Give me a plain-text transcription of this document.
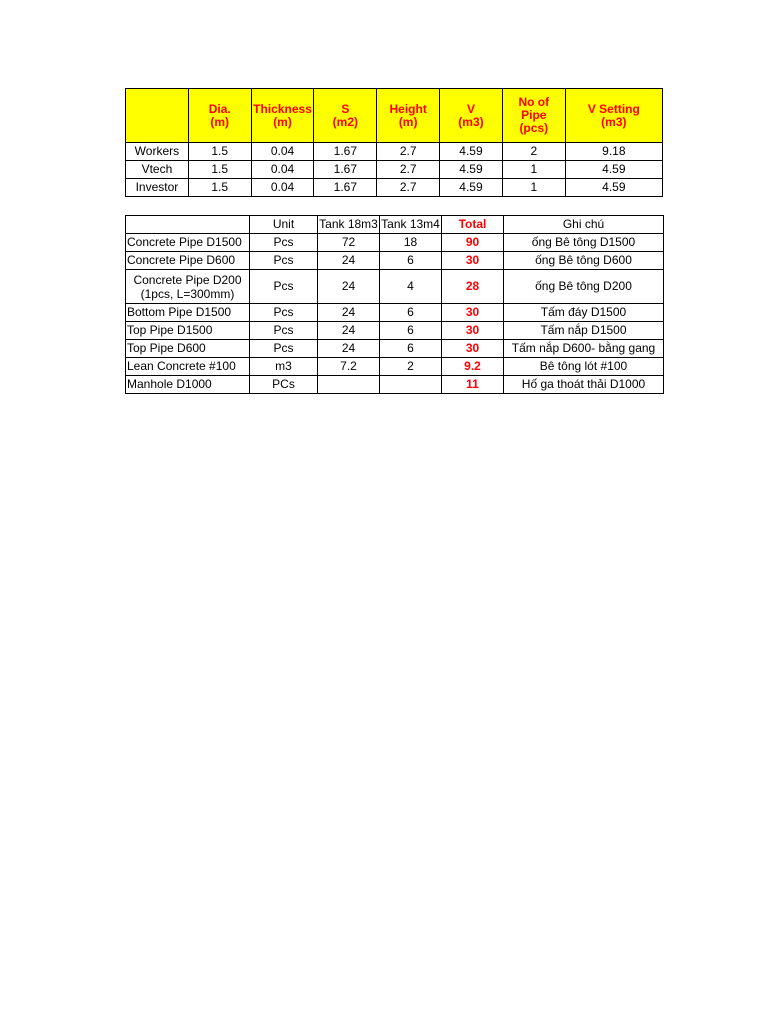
	Dia.
(m)	Thickness
(m)	S
(m2)	Height
(m)	V
(m3)	No of
Pipe
(pcs)	V Setting
(m3)
Workers	1.5	0.04	1.67	2.7	4.59	2	9.18
Vtech	1.5	0.04	1.67	2.7	4.59	1	4.59
Investor	1.5	0.04	1.67	2.7	4.59	1	4.59
	Unit	Tank 18m3	Tank 13m4	Total	Ghi chú
Concrete Pipe D1500	Pcs	72	18	90	ống Bê tông D1500
Concrete Pipe D600	Pcs	24	6	30	ống Bê tông D600
Concrete Pipe D200
(1pcs, L=300mm)	Pcs	24	4	28	ống Bê tông D200
Bottom Pipe D1500	Pcs	24	6	30	Tấm đáy D1500
Top Pipe D1500	Pcs	24	6	30	Tấm nắp D1500
Top Pipe D600	Pcs	24	6	30	Tấm nắp D600- bằng gang
Lean Concrete #100	m3	7.2	2	9.2	Bê tông lót #100
Manhole D1000	PCs			11	Hố ga thoát thải D1000
